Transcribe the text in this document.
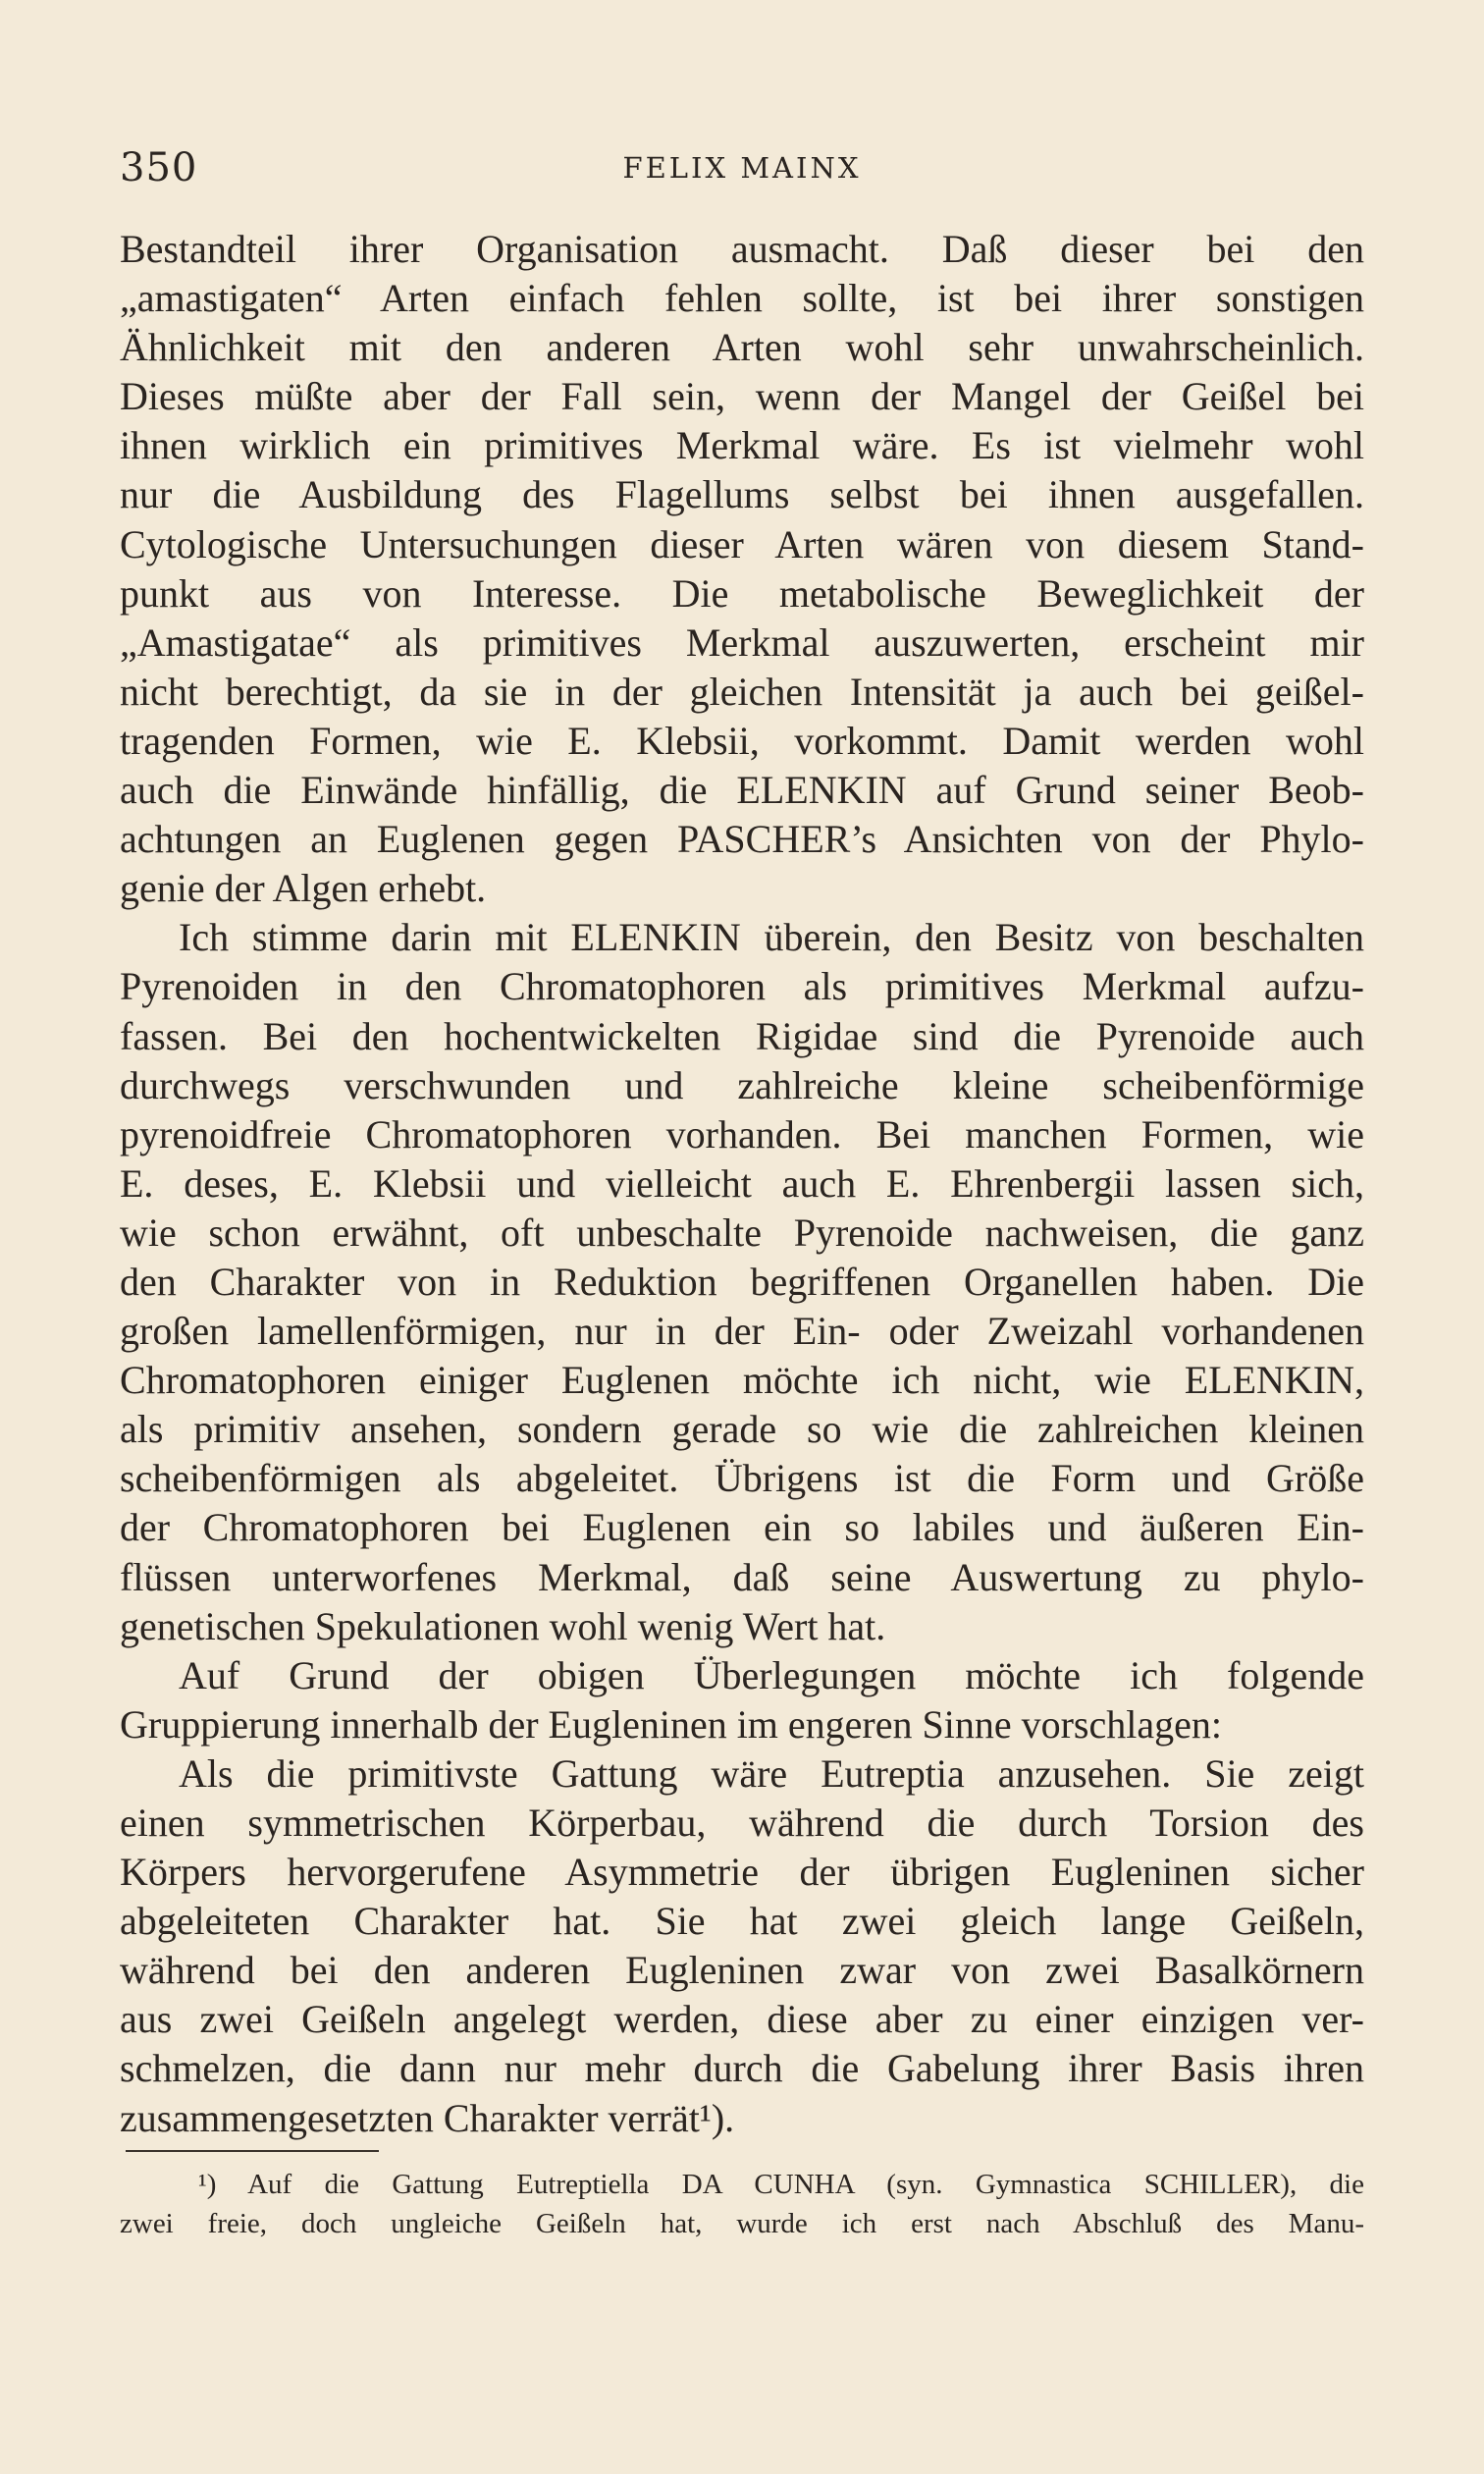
350	FELIX MAINX
Bestandteil ihrer Organisation ausmacht. Daß dieser bei den
„amastigaten“ Arten einfach fehlen sollte, ist bei ihrer sonstigen
Ähnlichkeit mit den anderen Arten wohl sehr unwahrscheinlich.
Dieses müßte aber der Fall sein, wenn der Mangel der Geißel bei
ihnen wirklich ein primitives Merkmal wäre. Es ist vielmehr wohl
nur die Ausbildung des Flagellums selbst bei ihnen ausgefallen.
Cytologische Untersuchungen dieser Arten wären von diesem Stand-
punkt aus von Interesse. Die metabolische Beweglichkeit der
„Amastigatae“ als primitives Merkmal auszuwerten, erscheint mir
nicht berechtigt, da sie in der gleichen Intensität ja auch bei geißel-
tragenden Formen, wie E. Klebsii, vorkommt. Damit werden wohl
auch die Einwände hinfällig, die ELENKIN auf Grund seiner Beob-
achtungen an Euglenen gegen PASCHER’s Ansichten von der Phylo-
genie der Algen erhebt.
Ich stimme darin mit ELENKIN überein, den Besitz von beschalten
Pyrenoiden in den Chromatophoren als primitives Merkmal aufzu-
fassen. Bei den hochentwickelten Rigidae sind die Pyrenoide auch
durchwegs verschwunden und zahlreiche kleine scheibenförmige
pyrenoidfreie Chromatophoren vorhanden. Bei manchen Formen, wie
E. deses, E. Klebsii und vielleicht auch E. Ehrenbergii lassen sich,
wie schon erwähnt, oft unbeschalte Pyrenoide nachweisen, die ganz
den Charakter von in Reduktion begriffenen Organellen haben. Die
großen lamellenförmigen, nur in der Ein- oder Zweizahl vorhandenen
Chromatophoren einiger Euglenen möchte ich nicht, wie ELENKIN,
als primitiv ansehen, sondern gerade so wie die zahlreichen kleinen
scheibenförmigen als abgeleitet. Übrigens ist die Form und Größe
der Chromatophoren bei Euglenen ein so labiles und äußeren Ein-
flüssen unterworfenes Merkmal, daß seine Auswertung zu phylo-
genetischen Spekulationen wohl wenig Wert hat.
Auf Grund der obigen Überlegungen möchte ich folgende
Gruppierung innerhalb der Eugleninen im engeren Sinne vorschlagen:
Als die primitivste Gattung wäre Eutreptia anzusehen. Sie zeigt
einen symmetrischen Körperbau, während die durch Torsion des
Körpers hervorgerufene Asymmetrie der übrigen Eugleninen sicher
abgeleiteten Charakter hat. Sie hat zwei gleich lange Geißeln,
während bei den anderen Eugleninen zwar von zwei Basalkörnern
aus zwei Geißeln angelegt werden, diese aber zu einer einzigen ver-
schmelzen, die dann nur mehr durch die Gabelung ihrer Basis ihren
zusammengesetzten Charakter verrät¹).
¹) Auf die Gattung Eutreptiella DA CUNHA (syn. Gymnastica SCHILLER), die
zwei freie, doch ungleiche Geißeln hat, wurde ich erst nach Abschluß des Manu-
